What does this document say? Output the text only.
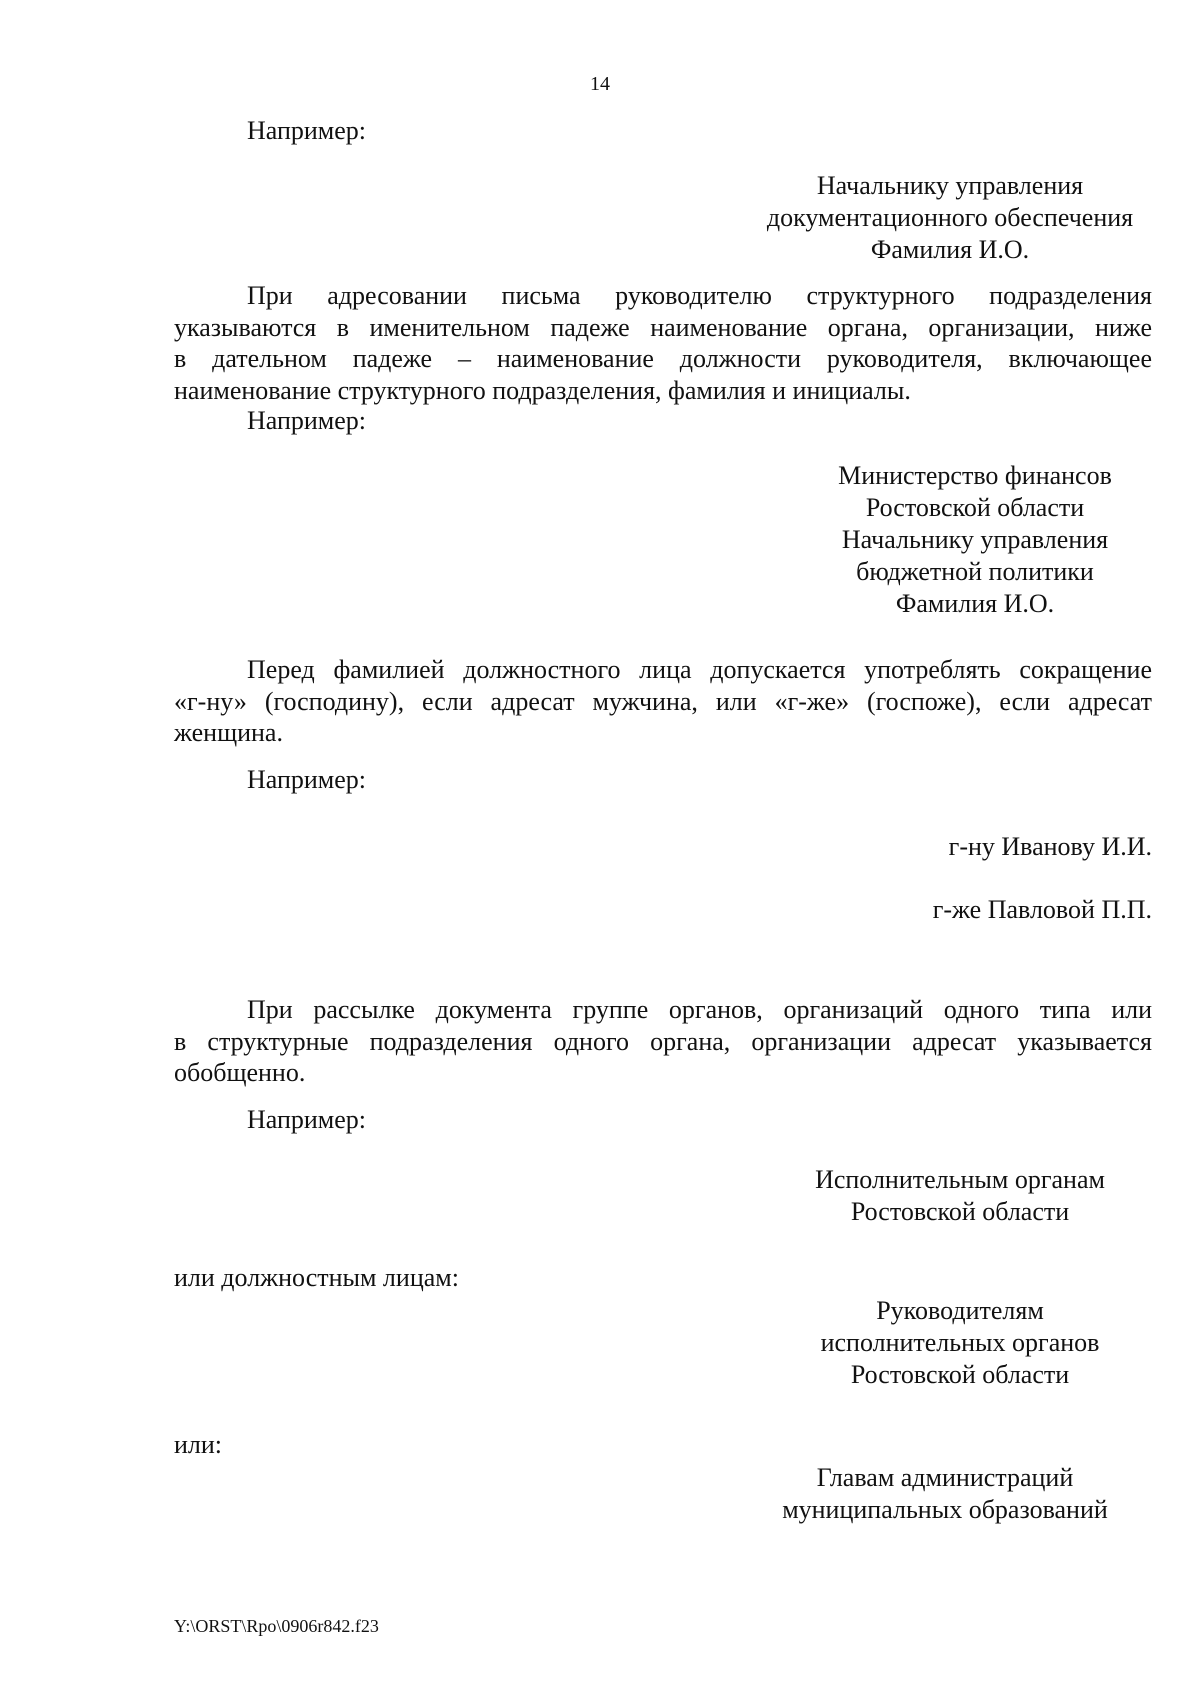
14
Например:
Начальнику управления
документационного обеспечения
Фамилия И.О.
При адресовании письма руководителю структурного подразделения
указываются в именительном падеже наименование органа, организации, ниже
в дательном падеже – наименование должности руководителя, включающее
наименование структурного подразделения, фамилия и инициалы.
Например:
Министерство финансов
Ростовской области
Начальнику управления
бюджетной политики
Фамилия И.О.
Перед фамилией должностного лица допускается употреблять сокращение
«г-ну» (господину), если адресат мужчина, или «г-же» (госпоже), если адресат
женщина.
Например:
г-ну Иванову И.И.
г-же Павловой П.П.
При рассылке документа группе органов, организаций одного типа или
в структурные подразделения одного органа, организации адресат указывается
обобщенно.
Например:
Исполнительным органам
Ростовской области
или должностным лицам:
Руководителям
исполнительных органов
Ростовской области
или:
Главам администраций
муниципальных образований
Y:\ORST\Rpo\0906r842.f23
